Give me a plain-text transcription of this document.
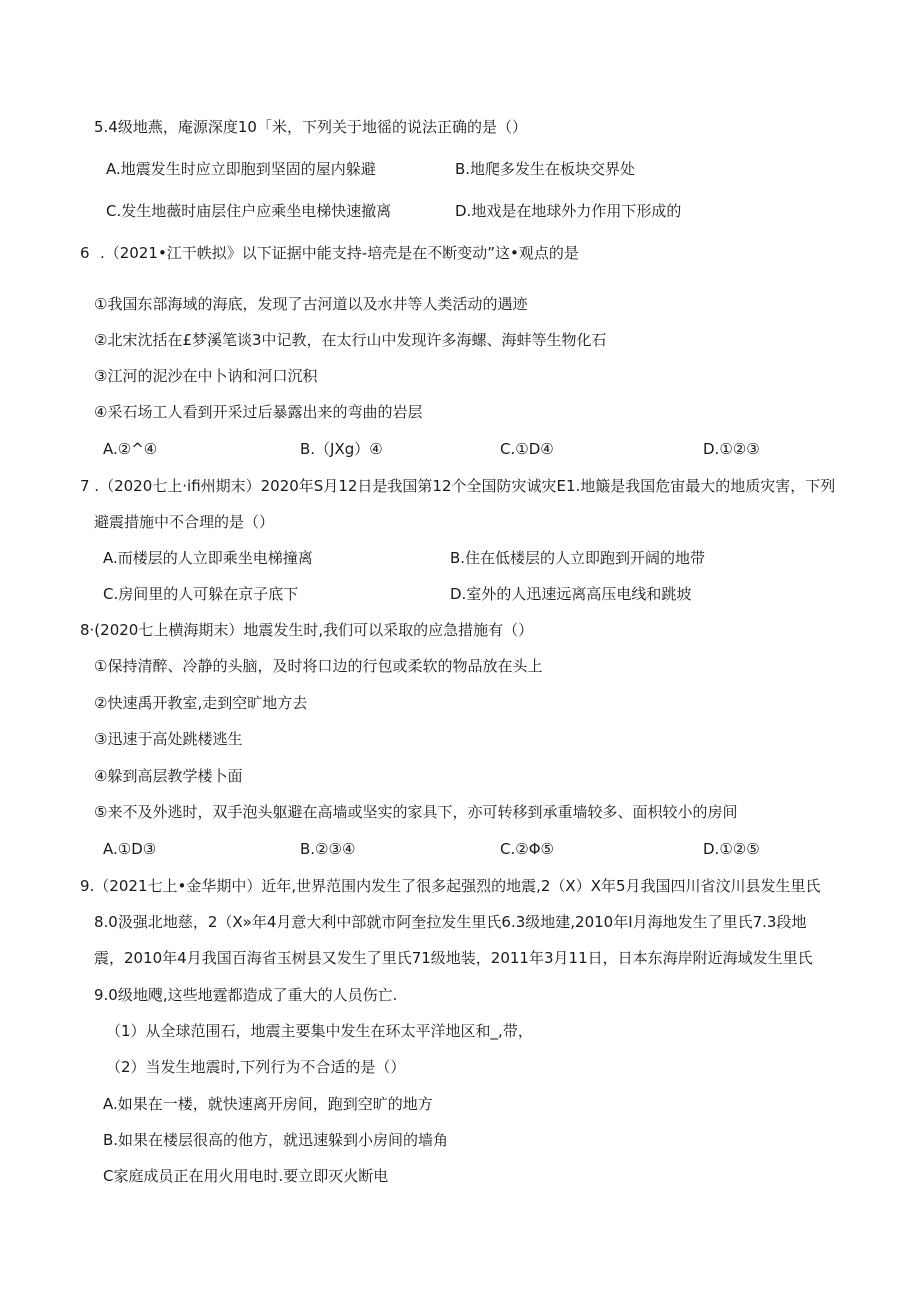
5.4级地燕，庵源深度10「米，下列关于地徭的说法正确的是（）
A.地震发生时应立即胞到坚固的屋内躲避	B.地爬多发生在板块交界处
C.发生地薇时庙层住户应乘坐电梯快速撤离	D.地戏是在地球外力作用下形成的
6 .（2021•江干帙拟》以下证据中能支持-培壳是在不断变动”这•观点的是
①我国东部海域的海底，发现了古河道以及水井等人类活动的遇迹
②北宋沈括在£梦溪笔谈3中记教，在太行山中发现许多海螺、海蚌等生物化石
③江河的泥沙在中卜讷和河口沉积
④采石场工人看到开采过后暴露出来的弯曲的岩层
A.②^④	B.（JXg）④	C.①D④	D.①②③
7 .（2020七上·ifi州期末）2020年S月12日是我国第12个全国防灾诚灾E1.地簸是我国危宙最大的地质灾害，下列
避震措施中不合理的是（）
A.而楼层的人立即乘坐电梯撞离	B.住在低楼层的人立即跑到开阔的地带
C.房间里的人可躲在京子底下	D.室外的人迅速远离高压电线和跳坡
8·(2020七上横海期末）地震发生时,我们可以采取的应急措施有（）
①保持清醉、冷静的头脑，及时将口边的行包或柔软的物品放在头上
②快速禹开教室,走到空旷地方去
③迅速于高处跳楼逃生
④躲到高层教学楼卜面
⑤来不及外逃时，双手泡头躯避在高墙或坚实的家具下，亦可转移到承重墙较多、面枳较小的房间
A.①D③	B.②③④	C.②Φ⑤	D.①②⑤
9.（2021七上•金华期中）近年,世界范围内发生了很多起强烈的地震,2（X）X年5月我国四川省汶川县发生里氏
8.0汲强北地慈，2（X»年4月意大利中部就市阿奎拉发生里氏6.3级地建,2010年I月海地发生了里氏7.3段地
震，2010年4月我国百海省玉树县又发生了里氏71级地装，2011年3月11日，日本东海岸附近海域发生里氏
9.0级地飕,这些地霆都造成了重大的人员伤亡.
（1）从全球范围石，地震主要集中发生在环太平洋地区和_,带，
（2）当发生地震时,下列行为不合适的是（）
A.如果在一楼，就快速离开房间，跑到空旷的地方
B.如果在楼层很高的他方，就迅速躲到小房间的墙角
C家庭成员正在用火用电时.要立即灭火断电
